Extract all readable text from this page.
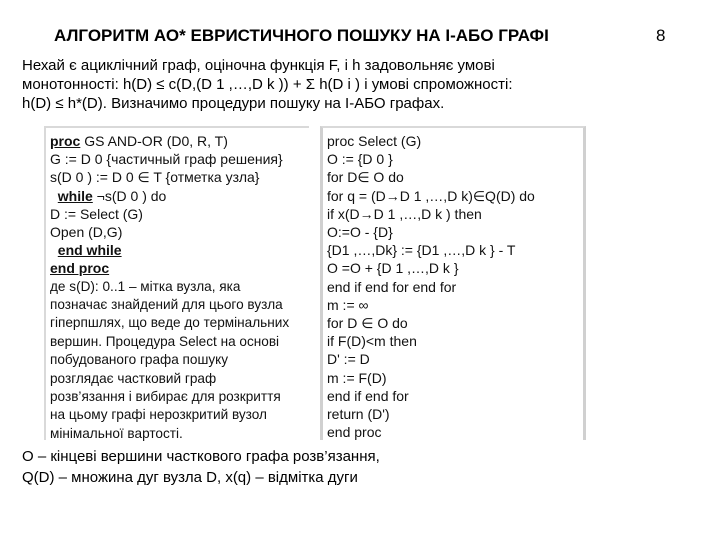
АЛГОРИТМ АО* ЕВРИСТИЧНОГО ПОШУКУ НА І-АБО ГРАФІ	8
Нехай є ациклічний граф, оціночна функція F, і h задовольняє умові
монотонності: h(D) ≤ c(D,(D 1 ,…,D k )) + Σ h(D i ) і умові спроможності:
h(D) ≤ h*(D). Визначимо процедури пошуку на І-АБО графах.
proc GS AND-OR (D0, R, T)
G := D 0 {частичный граф решения}
s(D 0 ) := D 0 ∈ T {отметка узла}
while ¬s(D 0 ) do
D := Select (G)
Open (D,G)
end while
end proc
де s(D): 0..1 – мітка вузла, яка
позначає знайдений для цього вузла
гіперпшлях, що веде до термінальних
вершин. Процедура Select на основі
побудованого графа пошуку
розглядає частковий граф
розв’язання і вибирає для розкриття
на цьому графі нерозкритий вузол
мінімальної вартості.
proc Select (G)
O := {D 0 }
for D∈ O do
for q = (D→D 1 ,…,D k)∈Q(D) do
if x(D→D 1 ,…,D k ) then
O:=O - {D}
{D1 ,…,Dk} := {D1 ,…,D k } - T
O =O + {D 1 ,…,D k }
end if end for end for
m := ∞
for D ∈ O do
if F(D)<m then
D' := D
m := F(D)
end if end for
return (D')
end proc
O – кінцеві вершини часткового графа розв’язання,
Q(D) – множина дуг вузла D, x(q) – відмітка дуги
